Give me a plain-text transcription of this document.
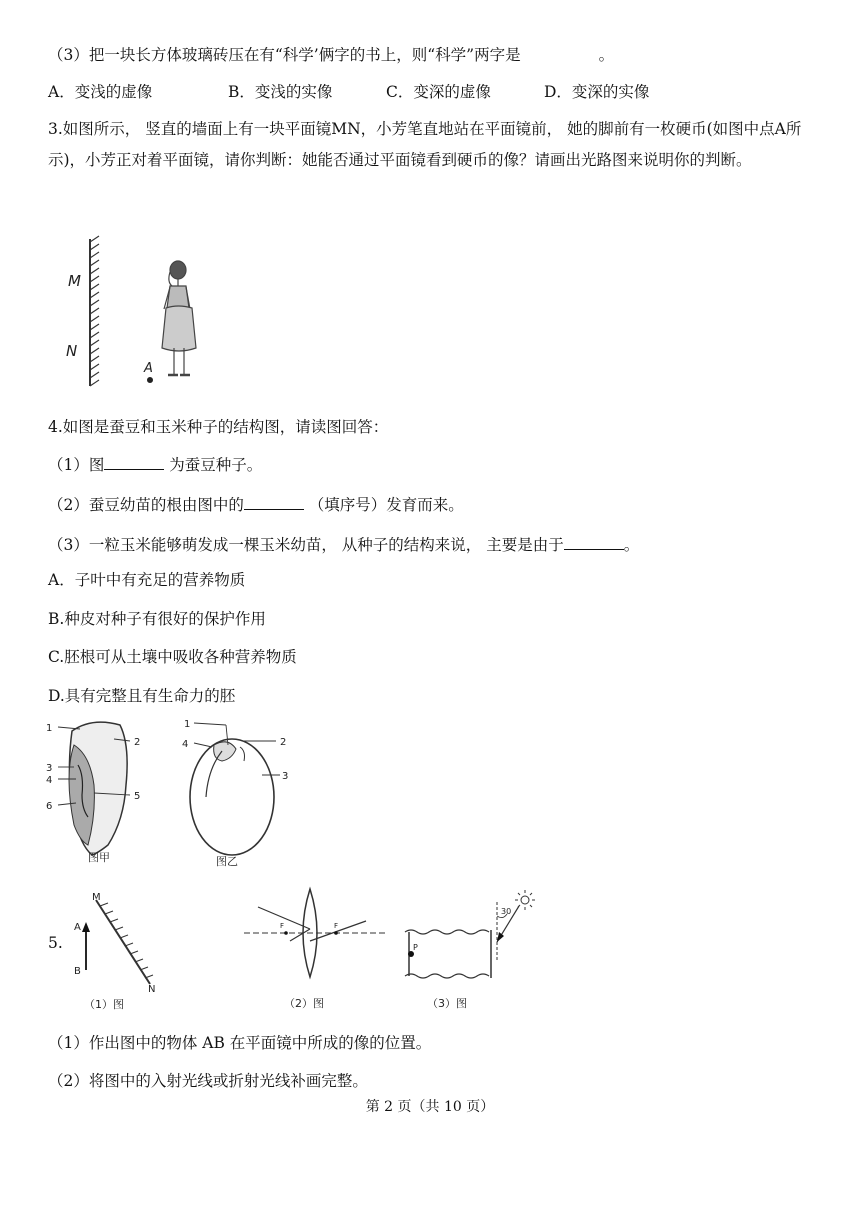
（3）把一块长方体玻璃砖压在有“科学’俩字的书上，则“科学”两字是	。
A．变浅的虚像	B．变浅的实像	C．变深的虚像	D．变深的实像
3.如图所示， 竖直的墙面上有一块平面镜MN，小芳笔直地站在平面镜前， 她的脚前有一枚硬币(如图中点A所示)，小芳正对着平面镜，请你判断：她能否通过平面镜看到硬币的像？请画出光路图来说明你的判断。
M
N
A
4.如图是蚕豆和玉米种子的结构图，请读图回答：
（1）图	为蚕豆种子。
（2）蚕豆幼苗的根由图中的	（填序号）发育而来。
（3）一粒玉米能够萌发成一棵玉米幼苗， 从种子的结构来说， 主要是由于	。
A．子叶中有充足的营养物质
B.种皮对种子有很好的保护作用
C.胚根可从土壤中吸收各种营养物质
D.具有完整且有生命力的胚
1
2
3
4
5
6
图甲
1
2
3
4
图乙
5.
M
N
A
B
（1）图
F	F
（2）图
P
30
（3）图
（1）作出图中的物体 AB 在平面镜中所成的像的位置。
（2）将图中的入射光线或折射光线补画完整。
第 2 页（共 10 页）
